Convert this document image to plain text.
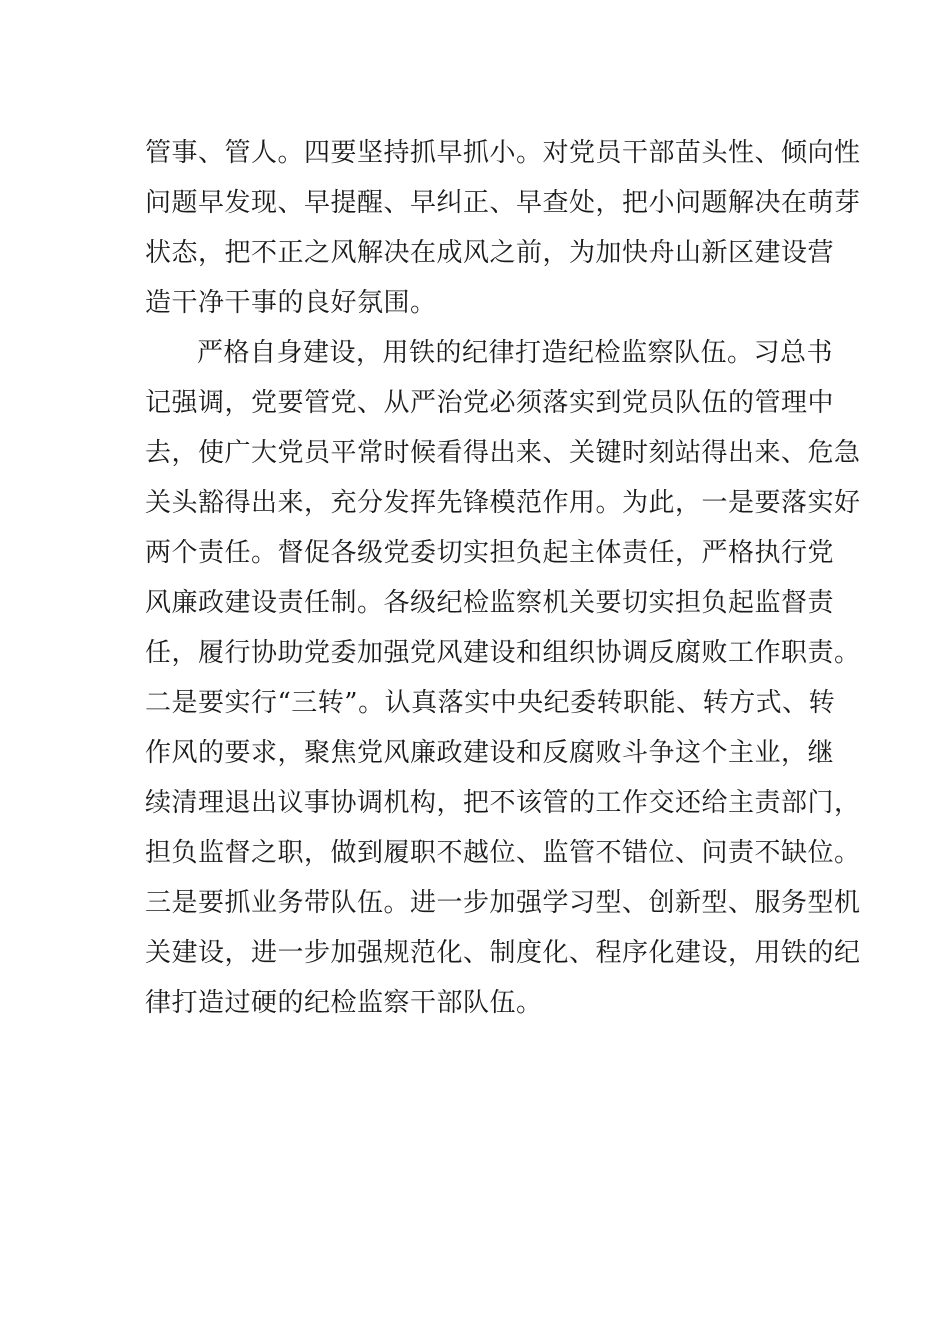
管事、管人。四要坚持抓早抓小。对党员干部苗头性、倾向性
问题早发现、早提醒、早纠正、早查处，把小问题解决在萌芽
状态，把不正之风解决在成风之前，为加快舟山新区建设营
造干净干事的良好氛围。
严格自身建设，用铁的纪律打造纪检监察队伍。习总书
记强调，党要管党、从严治党必须落实到党员队伍的管理中
去，使广大党员平常时候看得出来、关键时刻站得出来、危急
关头豁得出来，充分发挥先锋模范作用。为此，一是要落实好
两个责任。督促各级党委切实担负起主体责任，严格执行党
风廉政建设责任制。各级纪检监察机关要切实担负起监督责
任，履行协助党委加强党风建设和组织协调反腐败工作职责。
二是要实行“三转”。认真落实中央纪委转职能、转方式、转
作风的要求，聚焦党风廉政建设和反腐败斗争这个主业，继
续清理退出议事协调机构，把不该管的工作交还给主责部门，
担负监督之职，做到履职不越位、监管不错位、问责不缺位。
三是要抓业务带队伍。进一步加强学习型、创新型、服务型机
关建设，进一步加强规范化、制度化、程序化建设，用铁的纪
律打造过硬的纪检监察干部队伍。
